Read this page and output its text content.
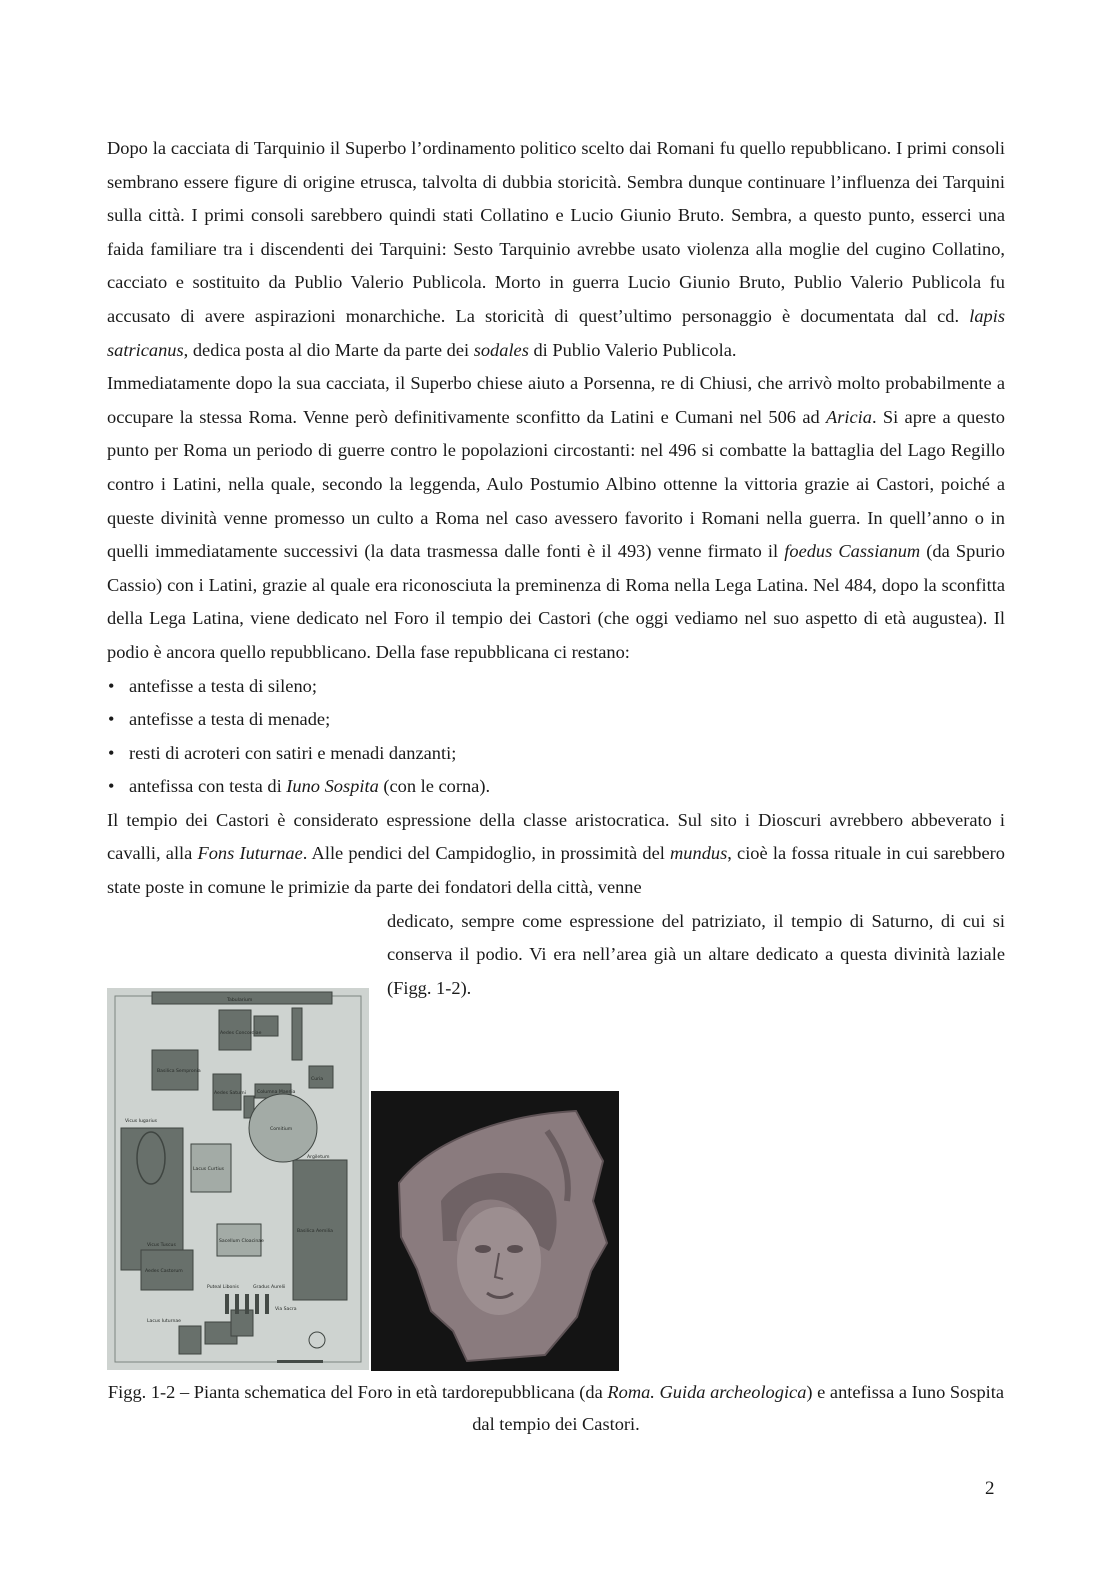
Dopo la cacciata di Tarquinio il Superbo l’ordinamento politico scelto dai Romani fu quello repubblicano. I primi consoli sembrano essere figure di origine etrusca, talvolta di dubbia storicità. Sembra dunque continuare l’influenza dei Tarquini sulla città. I primi consoli sarebbero quindi stati Collatino e Lucio Giunio Bruto. Sembra, a questo punto, esserci una faida familiare tra i discendenti dei Tarquini: Sesto Tarquinio avrebbe usato violenza alla moglie del cugino Collatino, cacciato e sostituito da Publio Valerio Publicola. Morto in guerra Lucio Giunio Bruto, Publio Valerio Publicola fu accusato di avere aspirazioni monarchiche. La storicità di quest’ultimo personaggio è documentata dal cd. lapis satricanus, dedica posta al dio Marte da parte dei sodales di Publio Valerio Publicola.

Immediatamente dopo la sua cacciata, il Superbo chiese aiuto a Porsenna, re di Chiusi, che arrivò molto probabilmente a occupare la stessa Roma. Venne però definitivamente sconfitto da Latini e Cumani nel 506 ad Aricia. Si apre a questo punto per Roma un periodo di guerre contro le popolazioni circostanti: nel 496 si combatte la battaglia del Lago Regillo contro i Latini, nella quale, secondo la leggenda, Aulo Postumio Albino ottenne la vittoria grazie ai Castori, poiché a queste divinità venne promesso un culto a Roma nel caso avessero favorito i Romani nella guerra. In quell’anno o in quelli immediatamente successivi (la data trasmessa dalle fonti è il 493) venne firmato il foedus Cassianum (da Spurio Cassio) con i Latini, grazie al quale era riconosciuta la preminenza di Roma nella Lega Latina. Nel 484, dopo la sconfitta della Lega Latina, viene dedicato nel Foro il tempio dei Castori (che oggi vediamo nel suo aspetto di età augustea). Il podio è ancora quello repubblicano. Della fase repubblicana ci restano:

• antefisse a testa di sileno;
• antefisse a testa di menade;
• resti di acroteri con satiri e menadi danzanti;
• antefissa con testa di Iuno Sospita (con le corna).

Il tempio dei Castori è considerato espressione della classe aristocratica. Sul sito i Dioscuri avrebbero abbeverato i cavalli, alla Fons Iuturnae. Alle pendici del Campidoglio, in prossimità del mundus, cioè la fossa rituale in cui sarebbero state poste in comune le primizie da parte dei fondatori della città, venne

dedicato, sempre come espressione del patriziato, il tempio di Saturno, di cui si conserva il podio. Vi era nell’area già un altare dedicato a questa divinità laziale (Figg. 1-2).

Tabularium
Aedes Concordiae
Basilica Sempronia
Aedes Saturni Columna Maenia
Comitium
Curia
Argiletum
Basilica Aemilia
Vicus Iugarius
Vicus Tuscus
Lacus Curtius
Sacellum Cloacinae
Aedes Castorum
Puteal Libonis	Gradus Aurelii
Lacus Iuturnae
Via Sacra

Figg. 1-2 – Pianta schematica del Foro in età tardorepubblicana (da Roma. Guida archeologica) e antefissa a Iuno Sospita dal tempio dei Castori.

2
